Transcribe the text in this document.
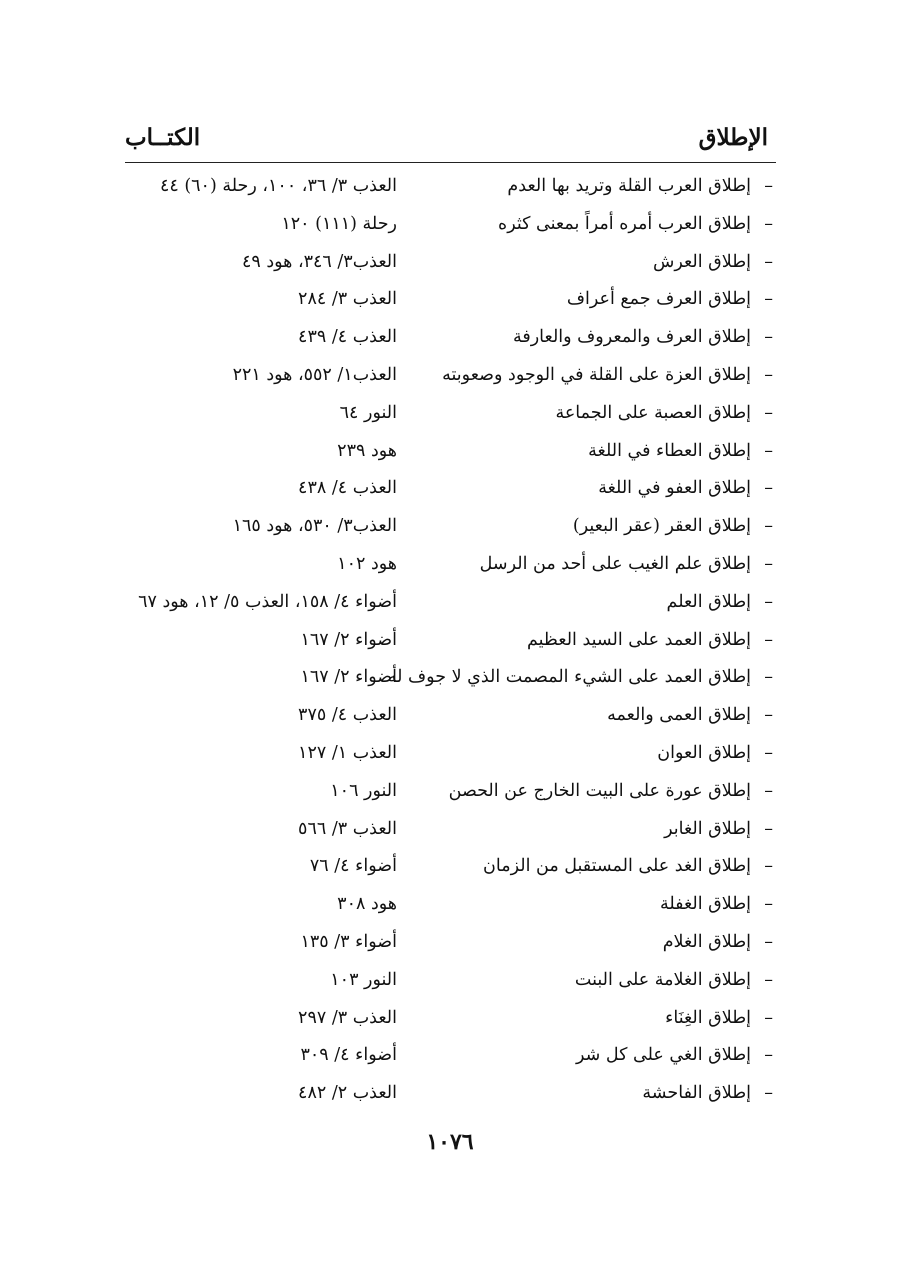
الإطلاق
الكتــاب
–
إطلاق العرب القلة وتريد بها العدم
العذب ٣/ ٣٦، ١٠٠، رحلة (٦٠) ٤٤
–
إطلاق العرب أمره أمراً بمعنى كثره
رحلة (١١١) ١٢٠
–
إطلاق العرش
العذب٣/ ٣٤٦، هود ٤٩
–
إطلاق العرف جمع أعراف
العذب ٣/ ٢٨٤
–
إطلاق العرف والمعروف والعارفة
العذب ٤/ ٤٣٩
–
إطلاق العزة على القلة في الوجود وصعوبته
العذب١/ ٥٥٢، هود ٢٢١
–
إطلاق العصبة على الجماعة
النور ٦٤
–
إطلاق العطاء في اللغة
هود ٢٣٩
–
إطلاق العفو في اللغة
العذب ٤/ ٤٣٨
–
إطلاق العقر (عقر البعير)
العذب٣/ ٥٣٠، هود ١٦٥
–
إطلاق علم الغيب على أحد من الرسل
هود ١٠٢
–
إطلاق العلم
أضواء ٤/ ١٥٨، العذب ٥/ ١٢، هود ٦٧
–
إطلاق العمد على السيد العظيم
أضواء ٢/ ١٦٧
–
إطلاق العمد على الشيء المصمت الذي لا جوف له
أضواء ٢/ ١٦٧
–
إطلاق العمى والعمه
العذب ٤/ ٣٧٥
–
إطلاق العوان
العذب ١/ ١٢٧
–
إطلاق عورة على البيت الخارج عن الحصن
النور ١٠٦
–
إطلاق الغابر
العذب ٣/ ٥٦٦
–
إطلاق الغد على المستقبل من الزمان
أضواء ٤/ ٧٦
–
إطلاق الغفلة
هود ٣٠٨
–
إطلاق الغلام
أضواء ٣/ ١٣٥
–
إطلاق الغلامة على البنت
النور ١٠٣
–
إطلاق الغِنَاء
العذب ٣/ ٢٩٧
–
إطلاق الغي على كل شر
أضواء ٤/ ٣٠٩
–
إطلاق الفاحشة
العذب ٢/ ٤٨٢
١٠٧٦
